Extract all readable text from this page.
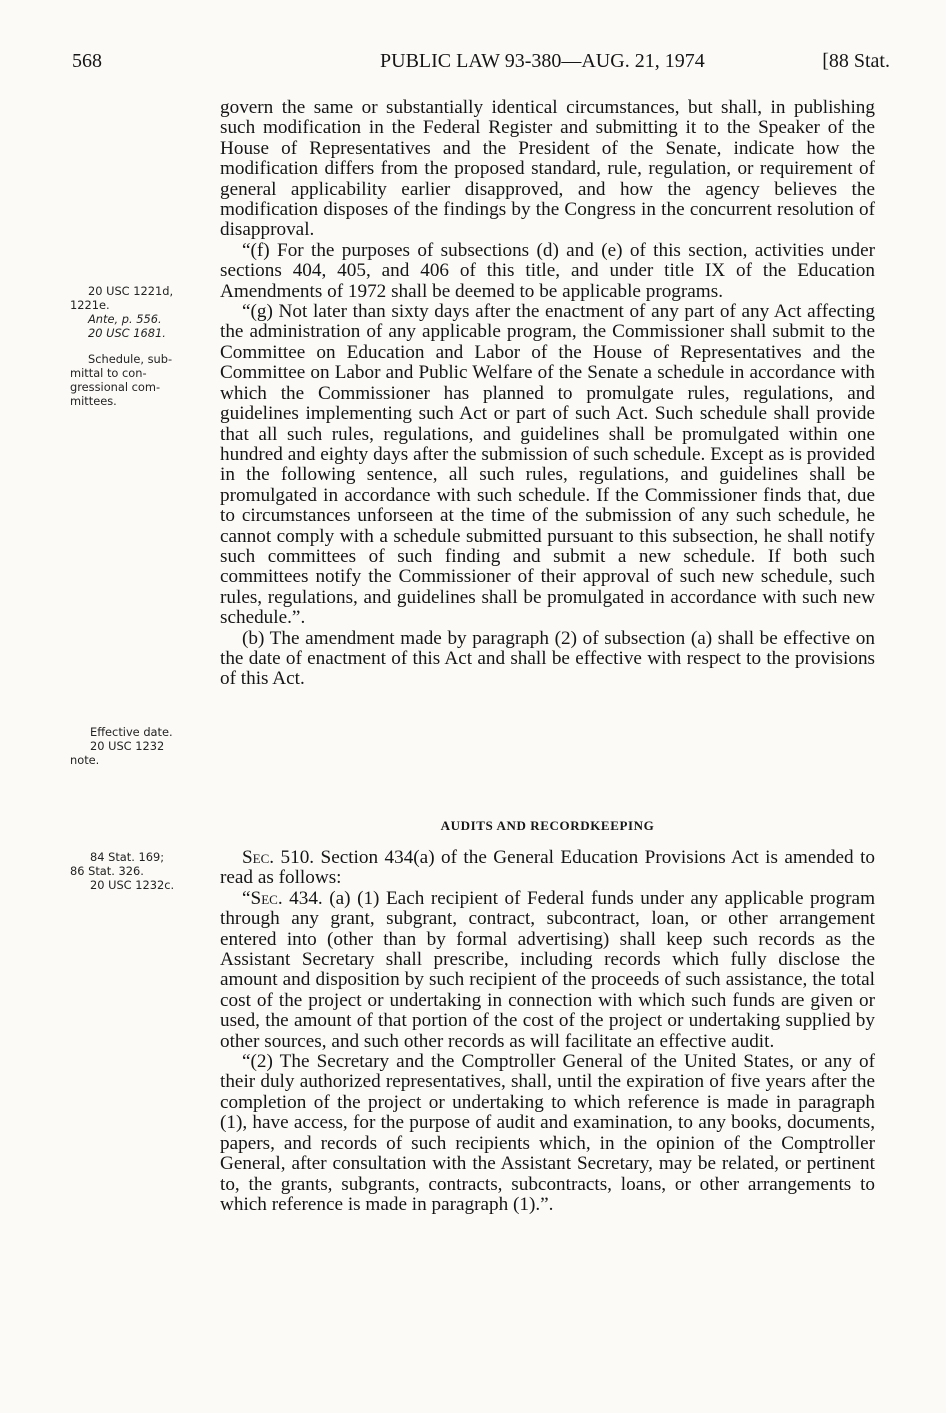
568	PUBLIC LAW 93-380—AUG. 21, 1974	[88 Stat.
20 USC 1221d,
1221e.
Ante, p. 556.
20 USC 1681.
Schedule, sub-
mittal to con-
gressional com-
mittees.
Effective date.
20 USC 1232
note.
84 Stat. 169;
86 Stat. 326.
20 USC 1232c.

govern the same or substantially identical circumstances, but shall, in publishing such modification in the Federal Register and submitting it to the Speaker of the House of Representatives and the President of the Senate, indicate how the modification differs from the proposed standard, rule, regulation, or requirement of general applicability earlier disapproved, and how the agency believes the modification disposes of the findings by the Congress in the concurrent resolution of disapproval.

“(f) For the purposes of subsections (d) and (e) of this section, activities under sections 404, 405, and 406 of this title, and under title IX of the Education Amendments of 1972 shall be deemed to be applicable programs.

“(g) Not later than sixty days after the enactment of any part of any Act affecting the administration of any applicable program, the Commissioner shall submit to the Committee on Education and Labor of the House of Representatives and the Committee on Labor and Public Welfare of the Senate a schedule in accordance with which the Commissioner has planned to promulgate rules, regulations, and guidelines implementing such Act or part of such Act. Such schedule shall provide that all such rules, regulations, and guidelines shall be promulgated within one hundred and eighty days after the submission of such schedule. Except as is provided in the following sentence, all such rules, regulations, and guidelines shall be promulgated in accordance with such schedule. If the Commissioner finds that, due to circumstances unforseen at the time of the submission of any such schedule, he cannot comply with a schedule submitted pursuant to this subsection, he shall notify such committees of such finding and submit a new schedule. If both such committees notify the Commissioner of their approval of such new schedule, such rules, regulations, and guidelines shall be promulgated in accordance with such new schedule.”.

(b) The amendment made by paragraph (2) of subsection (a) shall be effective on the date of enactment of this Act and shall be effective with respect to the provisions of this Act.

AUDITS AND RECORDKEEPING

Sec. 510. Section 434(a) of the General Education Provisions Act is amended to read as follows:

“Sec. 434. (a) (1) Each recipient of Federal funds under any applicable program through any grant, subgrant, contract, subcontract, loan, or other arrangement entered into (other than by formal advertising) shall keep such records as the Assistant Secretary shall prescribe, including records which fully disclose the amount and disposition by such recipient of the proceeds of such assistance, the total cost of the project or undertaking in connection with which such funds are given or used, the amount of that portion of the cost of the project or undertaking supplied by other sources, and such other records as will facilitate an effective audit.

“(2) The Secretary and the Comptroller General of the United States, or any of their duly authorized representatives, shall, until the expiration of five years after the completion of the project or undertaking to which reference is made in paragraph (1), have access, for the purpose of audit and examination, to any books, documents, papers, and records of such recipients which, in the opinion of the Comptroller General, after consultation with the Assistant Secretary, may be related, or pertinent to, the grants, subgrants, contracts, subcontracts, loans, or other arrangements to which reference is made in paragraph (1).”.
